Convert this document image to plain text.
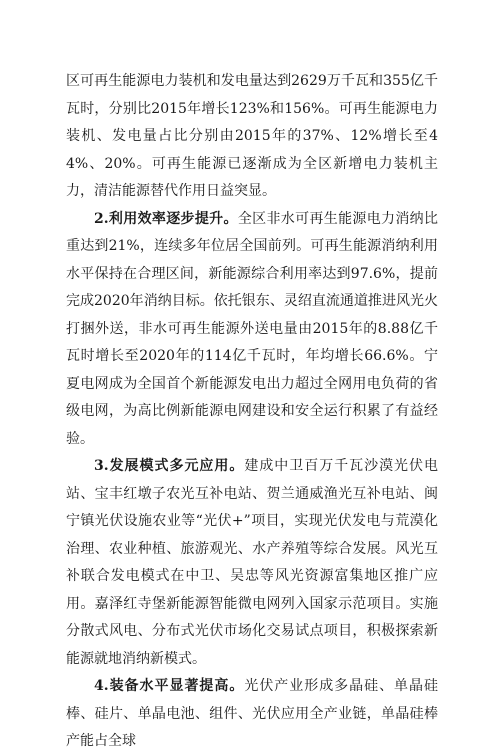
区可再生能源电力装机和发电量达到2629万千瓦和355亿千瓦时，分别比2015年增长123%和156%。可再生能源电力装机、发电量占比分别由2015年的37%、12%增长至44%、20%。可再生能源已逐渐成为全区新增电力装机主力，清洁能源替代作用日益突显。

2.利用效率逐步提升。全区非水可再生能源电力消纳比重达到21%，连续多年位居全国前列。可再生能源消纳利用水平保持在合理区间，新能源综合利用率达到97.6%，提前完成2020年消纳目标。依托银东、灵绍直流通道推进风光火打捆外送，非水可再生能源外送电量由2015年的8.88亿千瓦时增长至2020年的114亿千瓦时，年均增长66.6%。宁夏电网成为全国首个新能源发电出力超过全网用电负荷的省级电网，为高比例新能源电网建设和安全运行积累了有益经验。

3.发展模式多元应用。建成中卫百万千瓦沙漠光伏电站、宝丰红墩子农光互补电站、贺兰通威渔光互补电站、闽宁镇光伏设施农业等“光伏+”项目，实现光伏发电与荒漠化治理、农业种植、旅游观光、水产养殖等综合发展。风光互补联合发电模式在中卫、吴忠等风光资源富集地区推广应用。嘉泽红寺堡新能源智能微电网列入国家示范项目。实施分散式风电、分布式光伏市场化交易试点项目，积极探索新能源就地消纳新模式。

4.装备水平显著提高。光伏产业形成多晶硅、单晶硅棒、硅片、单晶电池、组件、光伏应用全产业链，单晶硅棒产能占全球
